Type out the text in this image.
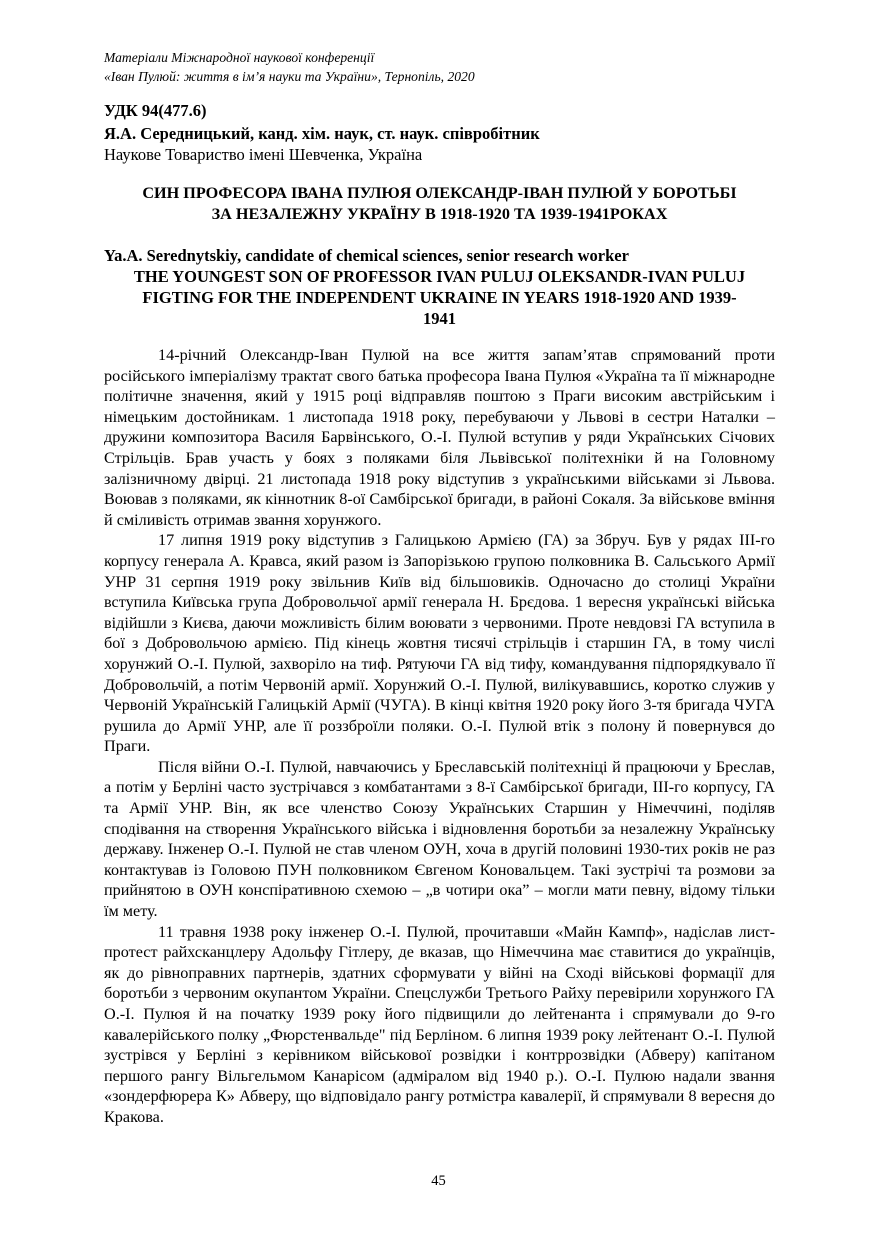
Матеріали Міжнародної наукової конференції
«Іван Пулюй: життя в ім’я науки та України», Тернопіль, 2020
УДК 94(477.6)
Я.А. Середницький, канд. хім. наук, ст. наук. співробітник
Наукове Товариство імені Шевченка, Україна
СИН ПРОФЕСОРА ІВАНА ПУЛЮЯ ОЛЕКСАНДР-ІВАН ПУЛЮЙ У БОРОТЬБІ
ЗА НЕЗАЛЕЖНУ УКРАЇНУ В 1918-1920 ТА 1939-1941РОКАХ
Ya.A. Serednytskiy, candidate of chemical sciences, senior research worker
THE YOUNGEST SON OF PROFESSOR IVAN PULUJ OLEKSANDR-IVAN PULUJ
FIGTING FOR THE INDEPENDENT UKRAINE IN YEARS 1918-1920 AND 1939-
1941

14-річний Олександр-Іван Пулюй на все життя запам’ятав спрямований проти російського імперіалізму трактат свого батька професора Івана Пулюя «Україна та її міжнародне політичне значення, який у 1915 році відправляв поштою з Праги високим австрійським і німецьким достойникам. 1 листопада 1918 року, перебуваючи у Львові в сестри Наталки – дружини композитора Василя Барвінського, О.-І. Пулюй вступив у ряди Українських Січових Стрільців. Брав участь у боях з поляками біля Львівської політехніки й на Головному залізничному двірці. 21 листопада 1918 року відступив з українськими військами зі Львова. Воював з поляками, як кіннотник 8-ої Самбірської бригади, в районі Сокаля. За військове вміння й сміливість отримав звання хорунжого.

17 липня 1919 року відступив з Галицькою Армією (ГА) за Збруч. Був у рядах ІІІ-го корпусу генерала А. Кравса, який разом із Запорізькою групою полковника В. Сальського Армії УНР 31 серпня 1919 року звільнив Київ від більшовиків. Одночасно до столиці України вступила Київська група Добровольчої армії генерала Н. Брєдова. 1 вересня українські війська відійшли з Києва, даючи можливість білим воювати з червоними. Проте невдовзі ГА вступила в бої з Добровольчою армією. Під кінець жовтня тисячі стрільців і старшин ГА, в тому числі хорунжий О.-І. Пулюй, захворіло на тиф. Рятуючи ГА від тифу, командування підпорядкувало її Добровольчій, а потім Червоній армії. Хорунжий О.-І. Пулюй, вилікувавшись, коротко служив у Червоній Українській Галицькій Армії (ЧУГА). В кінці квітня 1920 року його 3-тя бригада ЧУГА рушила до Армії УНР, але її роззброїли поляки. О.-І. Пулюй втік з полону й повернувся до Праги.

Після війни О.-І. Пулюй, навчаючись у Бреславській політехніці й працюючи у Бреслав, а потім у Берліні часто зустрічався з комбатантами з 8-ї Самбірської бригади, ІІІ-го корпусу, ГА та Армії УНР. Він, як все членство Союзу Українських Старшин у Німеччині, поділяв сподівання на створення Українського війська і відновлення боротьби за незалежну Українську державу. Інженер О.-І. Пулюй не став членом ОУН, хоча в другій половині 1930-тих років не раз контактував із Головою ПУН полковником Євгеном Коновальцем. Такі зустрічі та розмови за прийнятою в ОУН конспіративною схемою – „в чотири ока” – могли мати певну, відому тільки їм мету.

11 травня 1938 року інженер О.-І. Пулюй, прочитавши «Майн Кампф», надіслав лист-протест райхсканцлеру Адольфу Гітлеру, де вказав, що Німеччина має ставитися до українців, як до рівноправних партнерів, здатних сформувати у війні на Сході військові формації для боротьби з червоним окупантом України. Спецслужби Третього Райху перевірили хорунжого ГА О.-І. Пулюя й на початку 1939 року його підвищили до лейтенанта і спрямували до 9-го кавалерійського полку „Фюрстенвальде" під Берліном. 6 липня 1939 року лейтенант О.-І. Пулюй зустрівся у Берліні з керівником військової розвідки і контррозвідки (Абверу) капітаном першого рангу Вільгельмом Канарісом (адміралом від 1940 р.). О.-І. Пулюю надали звання «зондерфюрера К» Абверу, що відповідало рангу ротмістра кавалерії, й спрямували 8 вересня до Кракова.

45
